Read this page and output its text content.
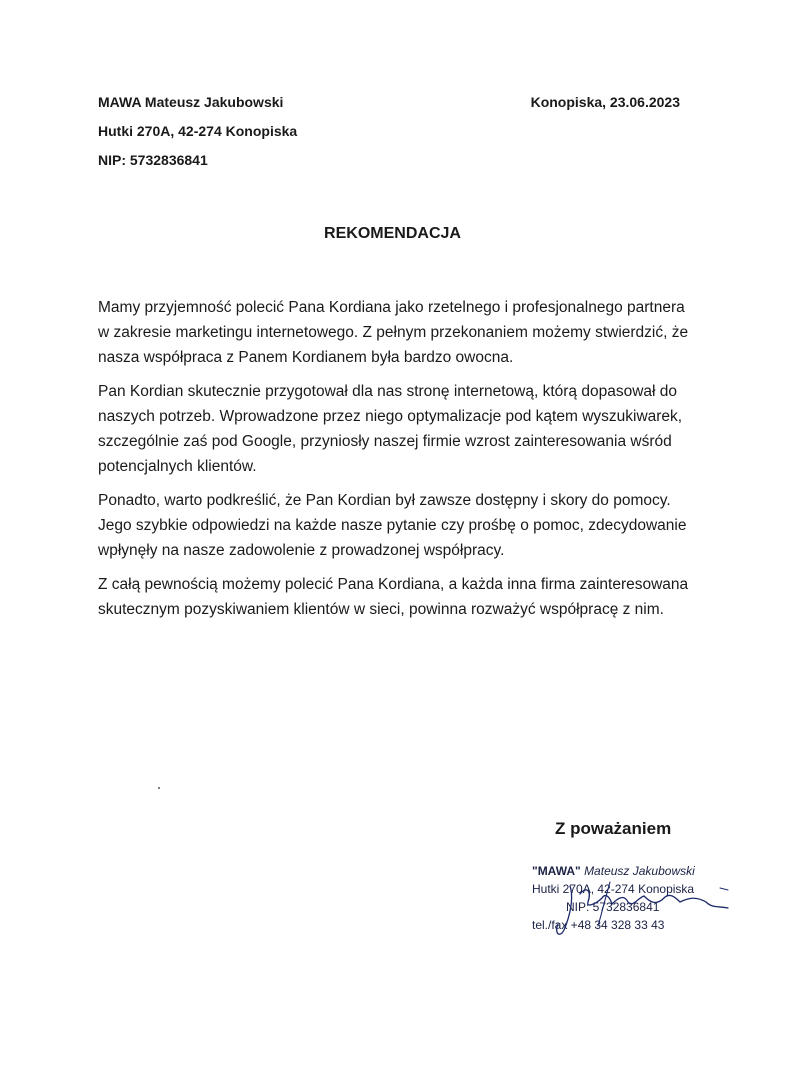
MAWA Mateusz Jakubowski
Hutki 270A, 42-274 Konopiska
NIP: 5732836841
Konopiska, 23.06.2023
REKOMENDACJA

Mamy przyjemność polecić Pana Kordiana jako rzetelnego i profesjonalnego partnera w zakresie marketingu internetowego. Z pełnym przekonaniem możemy stwierdzić, że nasza współpraca z Panem Kordianem była bardzo owocna.

Pan Kordian skutecznie przygotował dla nas stronę internetową, którą dopasował do naszych potrzeb. Wprowadzone przez niego optymalizacje pod kątem wyszukiwarek, szczególnie zaś pod Google, przyniosły naszej firmie wzrost zainteresowania wśród potencjalnych klientów.

Ponadto, warto podkreślić, że Pan Kordian był zawsze dostępny i skory do pomocy. Jego szybkie odpowiedzi na każde nasze pytanie czy prośbę o pomoc, zdecydowanie wpłynęły na nasze zadowolenie z prowadzonej współpracy.

Z całą pewnością możemy polecić Pana Kordiana, a każda inna firma zainteresowana skutecznym pozyskiwaniem klientów w sieci, powinna rozważyć współpracę z nim.

Z poważaniem
"MAWA" Mateusz Jakubowski
Hutki 270A, 42-274 Konopiska
NIP: 5732836841
tel./fax +48 34 328 33 43
